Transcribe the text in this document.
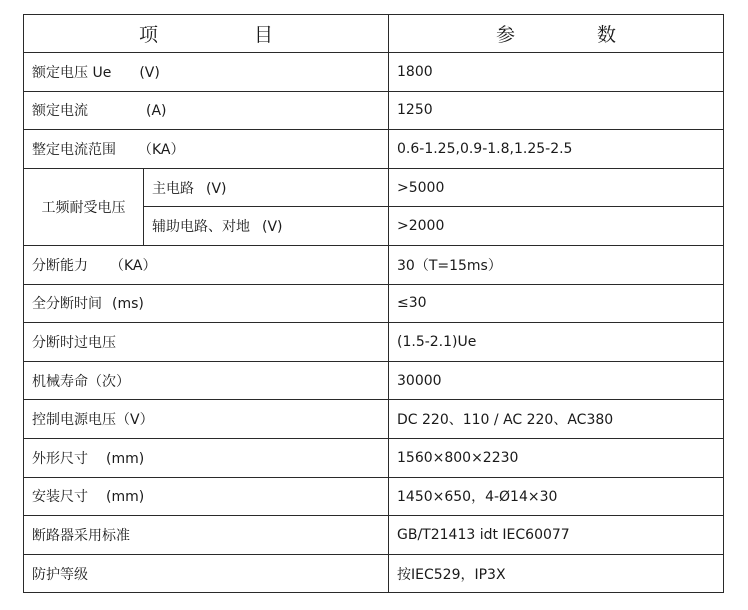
项 目		参 数
额定电压 Ue (V)		1800
额定电流 (A)		1250
整定电流范围 （KA）		0.6-1.25,0.9-1.8,1.25-2.5
工频耐受电压	主电路 (V)	>5000
	辅助电路、对地 (V)	>2000
分断能力 （KA）		30（T=15ms）
全分断时间 (ms)		≤30
分断时过电压		(1.5-2.1)Ue
机械寿命（次）		30000
控制电源电压（V）		DC 220、110 / AC 220、AC380
外形尺寸 (mm)		1560×800×2230
安装尺寸 (mm)		1450×650，4-Ø14×30
断路器采用标准		GB/T21413 idt IEC60077
防护等级		按IEC529，IP3X
